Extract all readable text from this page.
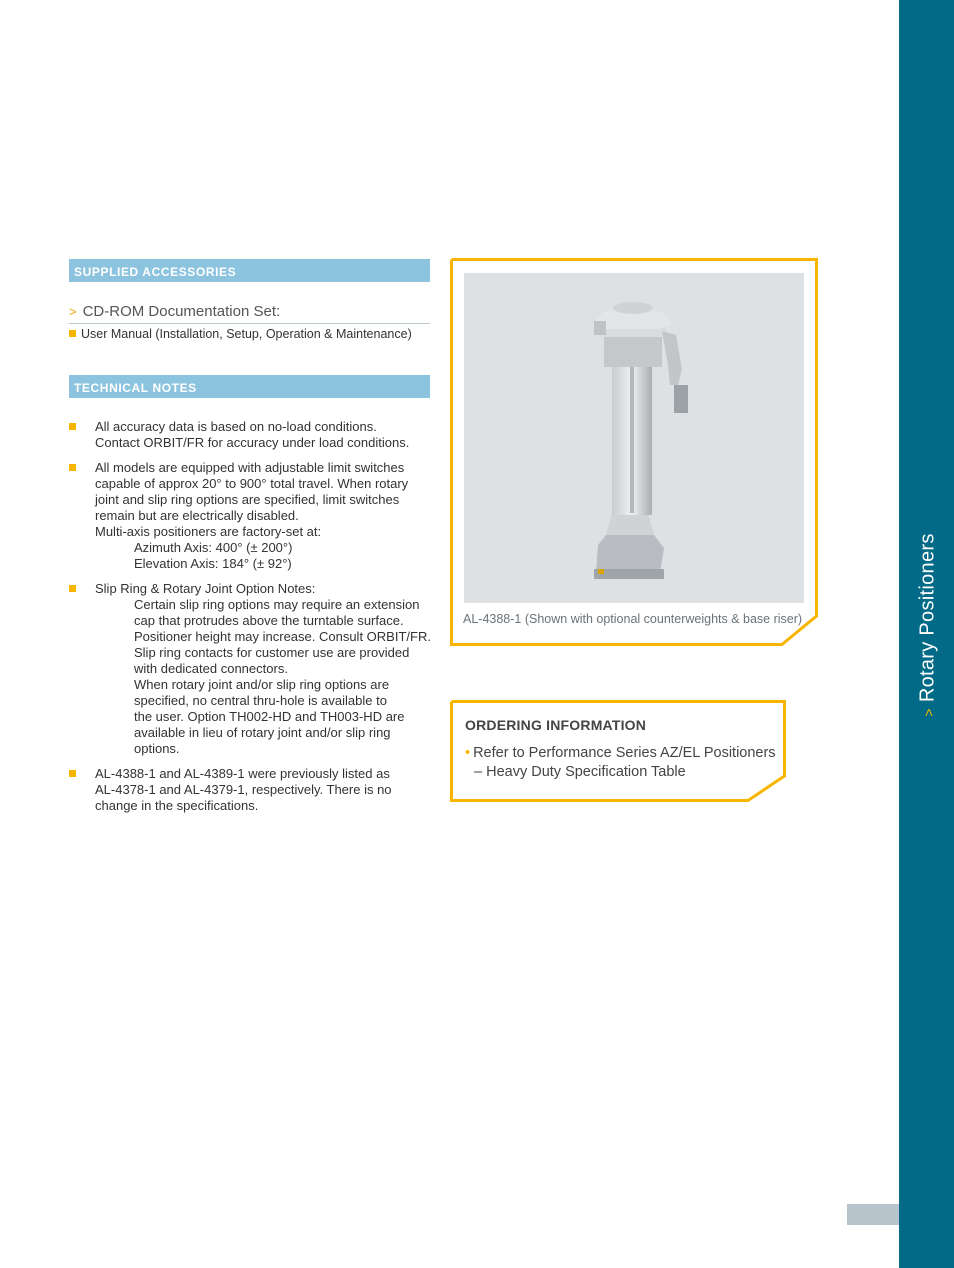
>Rotary Positioners
SUPPLIED ACCESSORIES
> CD-ROM Documentation Set:
User Manual (Installation, Setup, Operation & Maintenance)
TECHNICAL NOTES
All accuracy data is based on no-load conditions.
Contact ORBIT/FR for accuracy under load conditions.
All models are equipped with adjustable limit switches
capable of approx 20° to 900° total travel. When rotary
joint and slip ring options are specified, limit switches
remain but are electrically disabled.
Multi-axis positioners are factory-set at:
Azimuth Axis: 400° (± 200°)
Elevation Axis: 184° (± 92°)
Slip Ring & Rotary Joint Option Notes:
Certain slip ring options may require an extension
cap that protrudes above the turntable surface.
Positioner height may increase. Consult ORBIT/FR.
Slip ring contacts for customer use are provided
with dedicated connectors.
When rotary joint and/or slip ring options are
specified, no central thru-hole is available to
the user. Option TH002-HD and TH003-HD are
available in lieu of rotary joint and/or slip ring
options.
AL-4388-1 and AL-4389-1 were previously listed as
AL-4378-1 and AL-4379-1, respectively. There is no
change in the specifications.
AL-4388-1 (Shown with optional counterweights & base riser)
ORDERING INFORMATION
• Refer to Performance Series AZ/EL Positioners
– Heavy Duty Specification Table
